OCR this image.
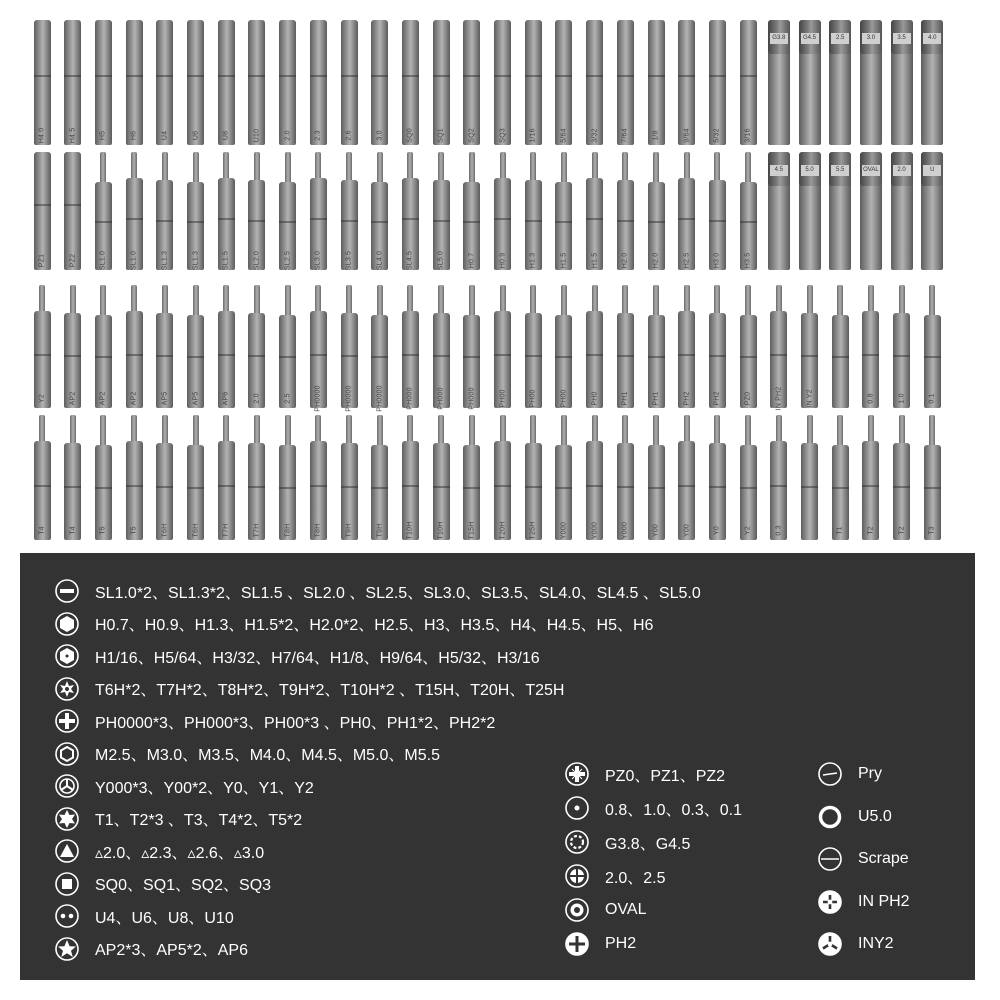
H4.0	H4.5	H5	H6	U4	U6	U8	U10	2.0	2.3	2.6	3.0	SQ0	SQ1	SQ2	SQ3	1/16	5/64	3/32	7/64	1/8	9/64	5/32	3/16
G3.8	G4.5	2.5	3.0	3.5	4.0
PZ1	PZ2	SL1.0	SL1.0	SL1.3	SL1.3	SL1.5	SL2.0	SL2.5	SL3.0	SL3.5	SL4.0	SL4.5	SL5.0	H0.7	H0.9	H1.3	H1.5	H1.5	H2.0	H2.0	H2.5	H3.0	H3.5
4.5	5.0	5.5	OVAL	2.0	U
Y2	AP2	AP2	AP2	AP5	AP5	AP6	2.0	2.5	PH0000	PH0000	PH0000	PH000	PH000	PH000	PH00	PH00	PH00	PH0	PH1	PH1	PH2	PH2	PZ0	IN PH2	IN Y2	0.8	1.0	0.1
T4	T4	T5	T5	T6H	T6H	T7H	T7H	T8H	T8H	T9H	T9H	T10H	T10H	T15H	T20H	T25H	Y000	Y000	Y000	Y00	Y00	Y0	Y2	0.3	T1	T2	T2	T3
SL1.0*2、SL1.3*2、SL1.5 、SL2.0 、SL2.5、SL3.0、SL3.5、SL4.0、SL4.5 、SL5.0
H0.7、H0.9、H1.3、H1.5*2、H2.0*2、H2.5、H3、H3.5、H4、H4.5、H5、H6
H1/16、H5/64、H3/32、H7/64、H1/8、H9/64、H5/32、H3/16
T6H*2、T7H*2、T8H*2、T9H*2、T10H*2 、T15H、T20H、T25H
PH0000*3、PH000*3、PH00*3 、PH0、PH1*2、PH2*2
M2.5、M3.0、M3.5、M4.0、M4.5、M5.0、M5.5
Y000*3、Y00*2、Y0、Y1、Y2
T1、T2*3 、T3、T4*2、T5*2
▵2.0、▵2.3、▵2.6、▵3.0
SQ0、SQ1、SQ2、SQ3
U4、U6、U8、U10
AP2*3、AP5*2、AP6
PZ0、PZ1、PZ2
0.8、1.0、0.3、0.1
G3.8、G4.5
2.0、2.5
OVAL
PH2
Pry
U5.0
Scrape
IN PH2
INY2
